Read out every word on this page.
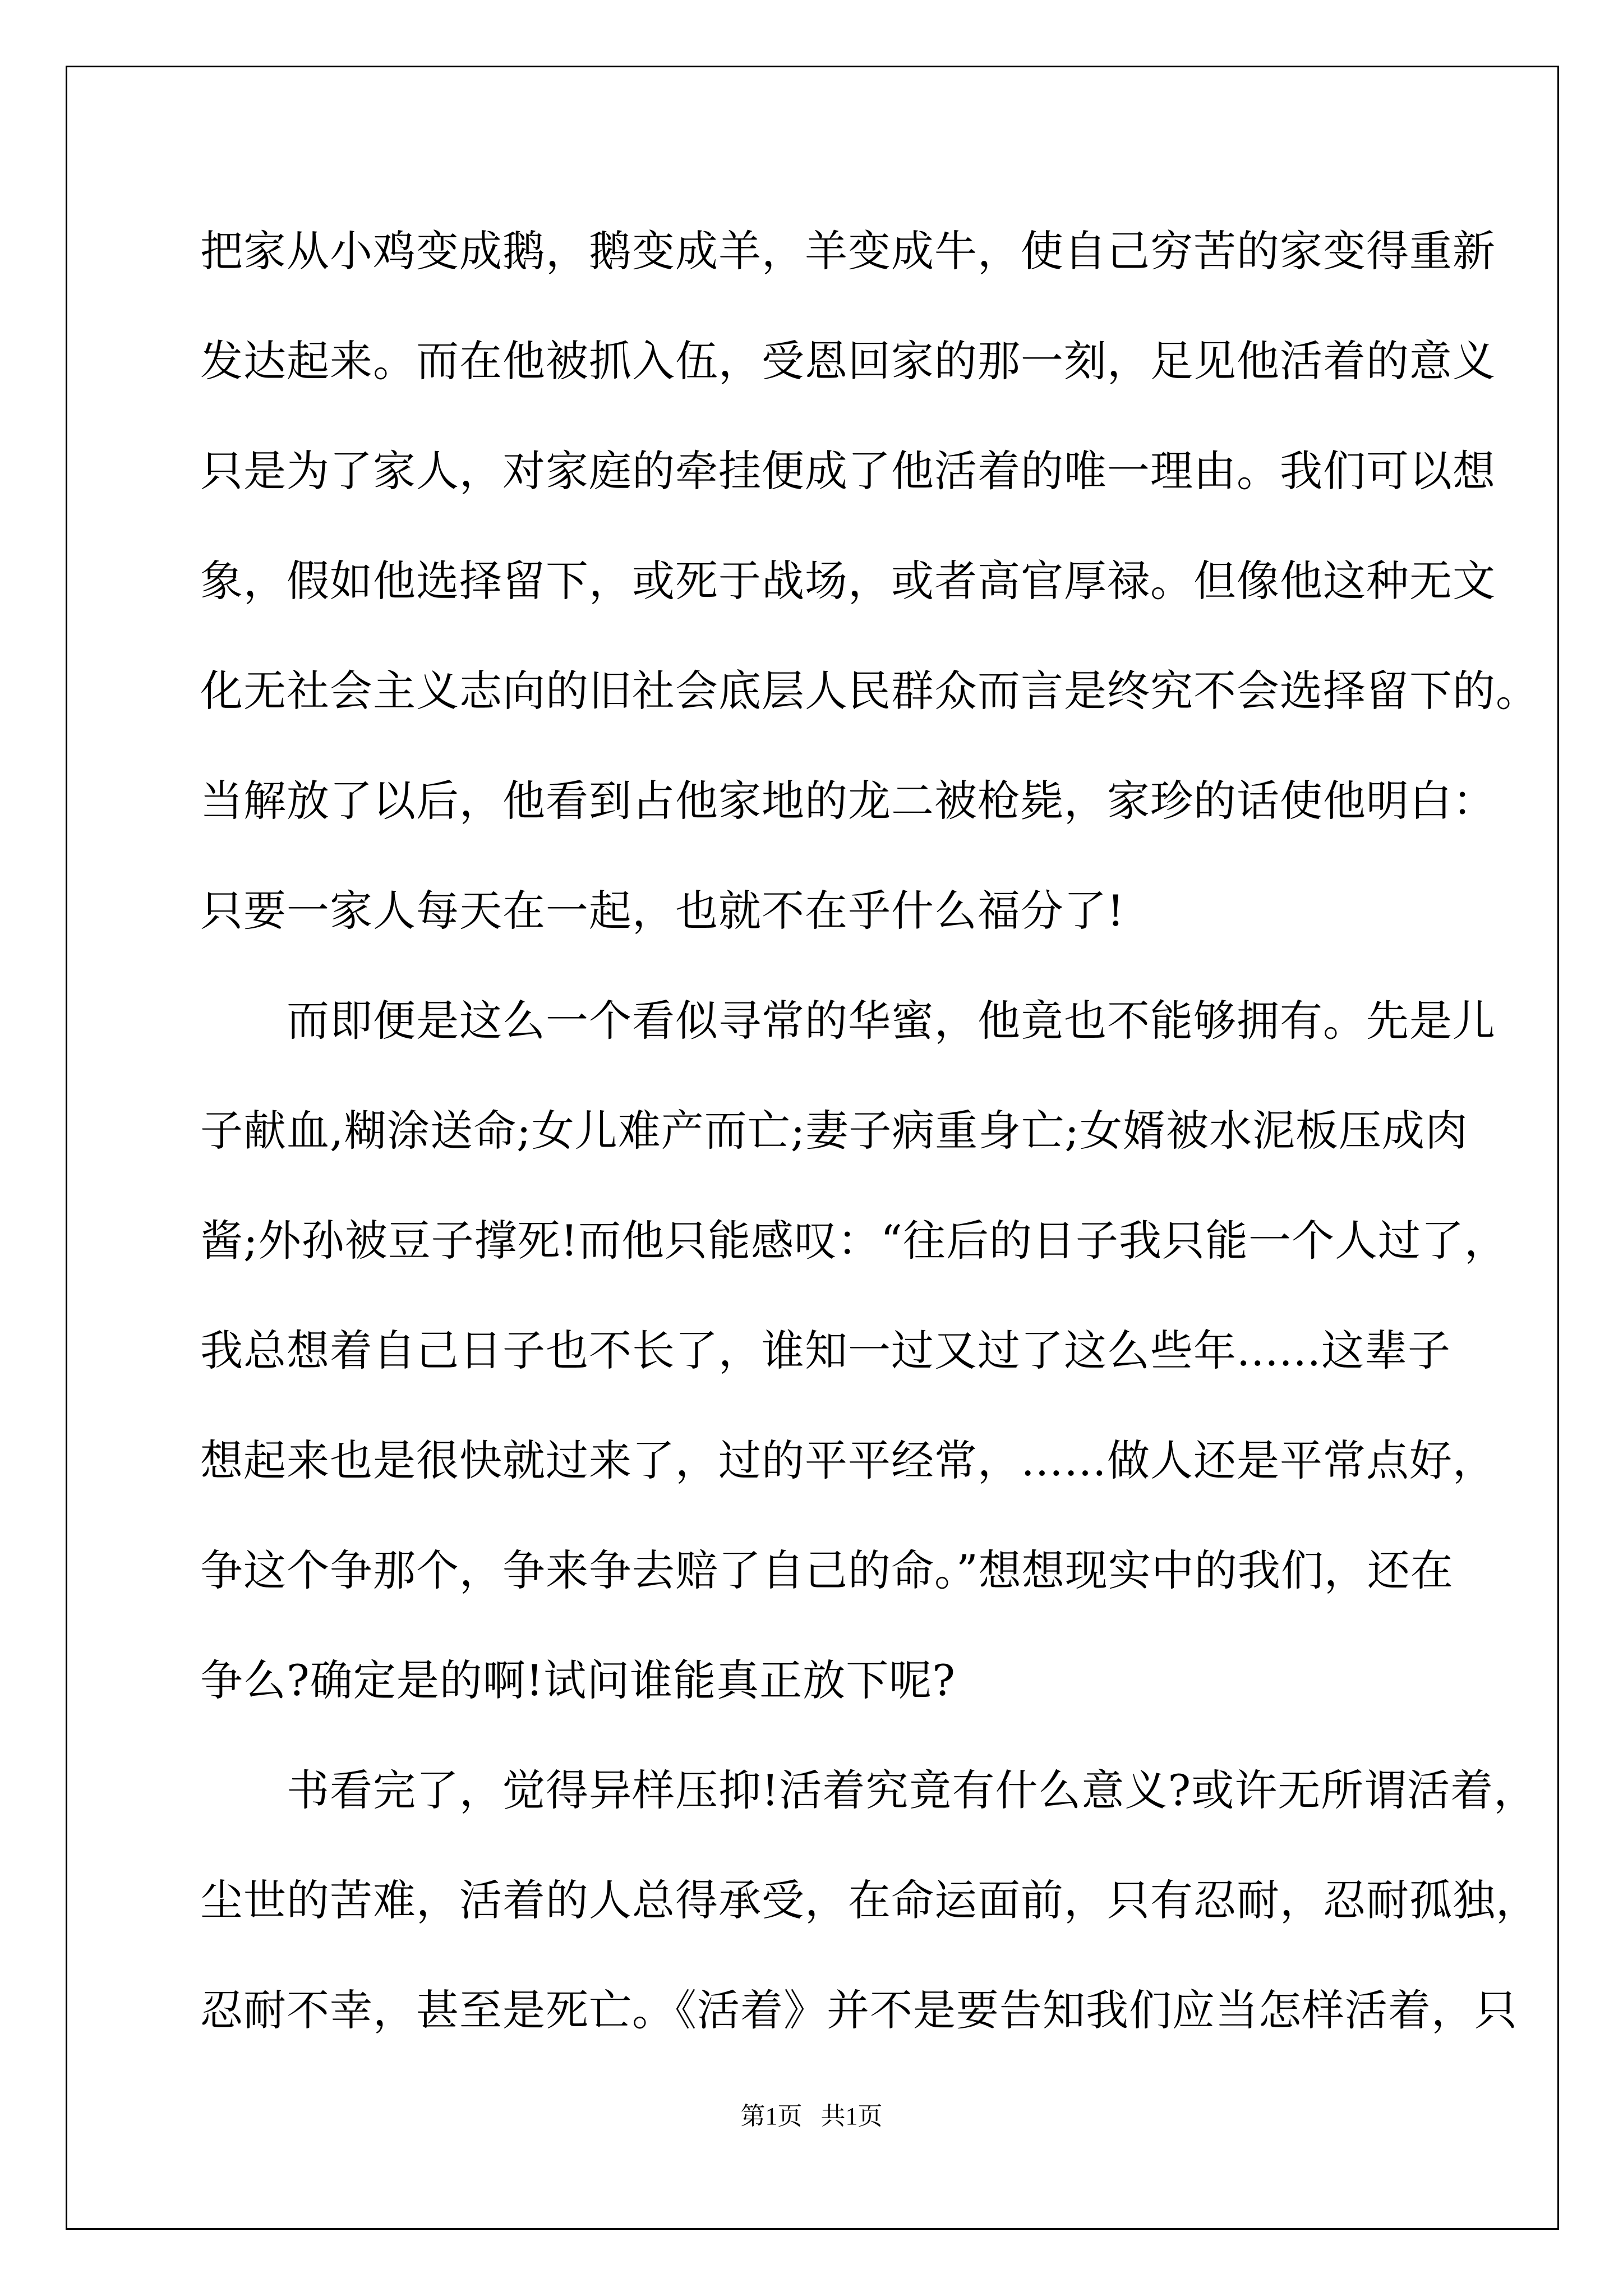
把家从小鸡变成鹅，鹅变成羊，羊变成牛，使自己穷苦的家变得重新
发达起来。而在他被抓入伍，受恩回家的那一刻，足见他活着的意义
只是为了家人，对家庭的牵挂便成了他活着的唯一理由。我们可以想
象，假如他选择留下，或死于战场，或者高官厚禄。但像他这种无文
化无社会主义志向的旧社会底层人民群众而言是终究不会选择留下的。
当解放了以后，他看到占他家地的龙二被枪毙，家珍的话使他明白：
只要一家人每天在一起，也就不在乎什么福分了!
　　而即便是这么一个看似寻常的华蜜，他竟也不能够拥有。先是儿
子献血,糊涂送命;女儿难产而亡;妻子病重身亡;女婿被水泥板压成肉
酱;外孙被豆子撑死!而他只能感叹：“往后的日子我只能一个人过了，
我总想着自己日子也不长了，谁知一过又过了这么些年......这辈子
想起来也是很快就过来了，过的平平经常，……做人还是平常点好，
争这个争那个，争来争去赔了自己的命。”想想现实中的我们，还在
争么?确定是的啊!试问谁能真正放下呢?
　　书看完了，觉得异样压抑!活着究竟有什么意义?或许无所谓活着，
尘世的苦难，活着的人总得承受，在命运面前，只有忍耐，忍耐孤独，
忍耐不幸，甚至是死亡。《活着》并不是要告知我们应当怎样活着，只
第1页   共1页
